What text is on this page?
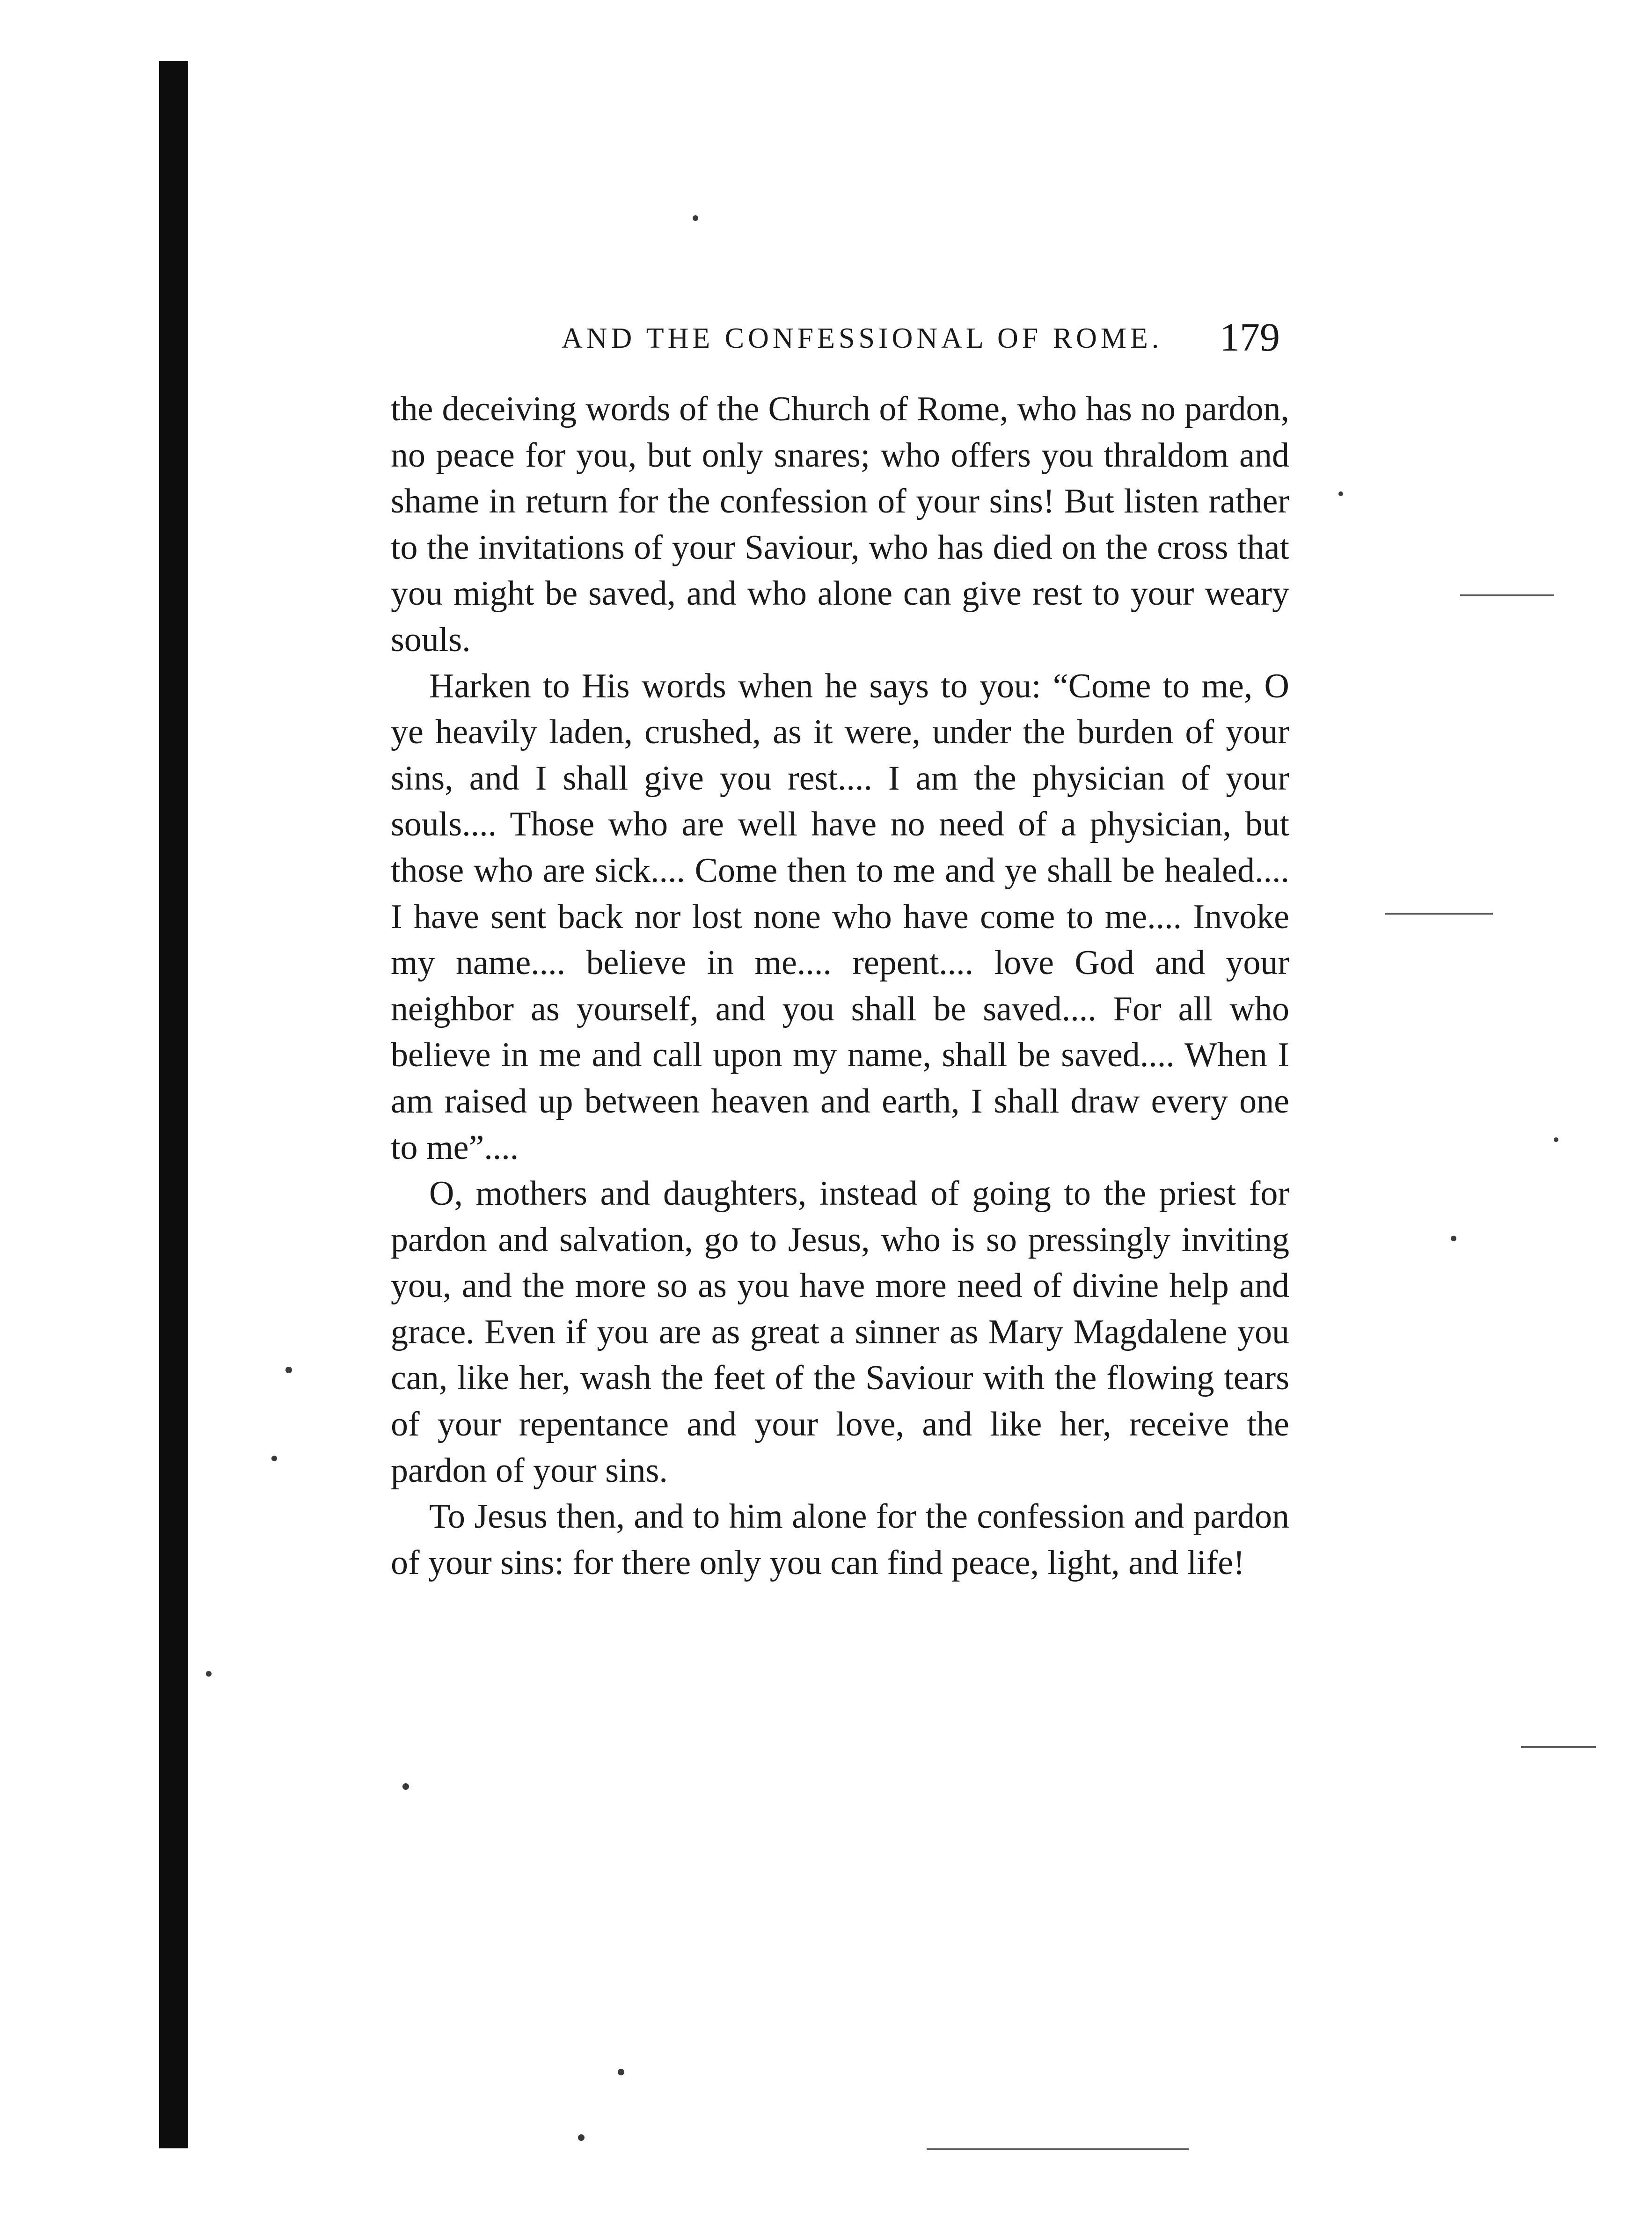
AND THE CONFESSIONAL OF ROME. 179

the deceiving words of the Church of Rome, who has no pardon, no peace for you, but only snares; who offers you thraldom and shame in return for the confession of your sins! But listen rather to the invitations of your Saviour, who has died on the cross that you might be saved, and who alone can give rest to your weary souls.

Harken to His words when he says to you: “Come to me, O ye heavily laden, crushed, as it were, under the burden of your sins, and I shall give you rest.... I am the physician of your souls.... Those who are well have no need of a physician, but those who are sick.... Come then to me and ye shall be healed.... I have sent back nor lost none who have come to me.... Invoke my name.... believe in me.... repent.... love God and your neighbor as yourself, and you shall be saved.... For all who believe in me and call upon my name, shall be saved.... When I am raised up between heaven and earth, I shall draw every one to me”....

O, mothers and daughters, instead of going to the priest for pardon and salvation, go to Jesus, who is so pressingly inviting you, and the more so as you have more need of divine help and grace. Even if you are as great a sinner as Mary Magdalene you can, like her, wash the feet of the Saviour with the flowing tears of your repentance and your love, and like her, receive the pardon of your sins.

To Jesus then, and to him alone for the confession and pardon of your sins: for there only you can find peace, light, and life!
